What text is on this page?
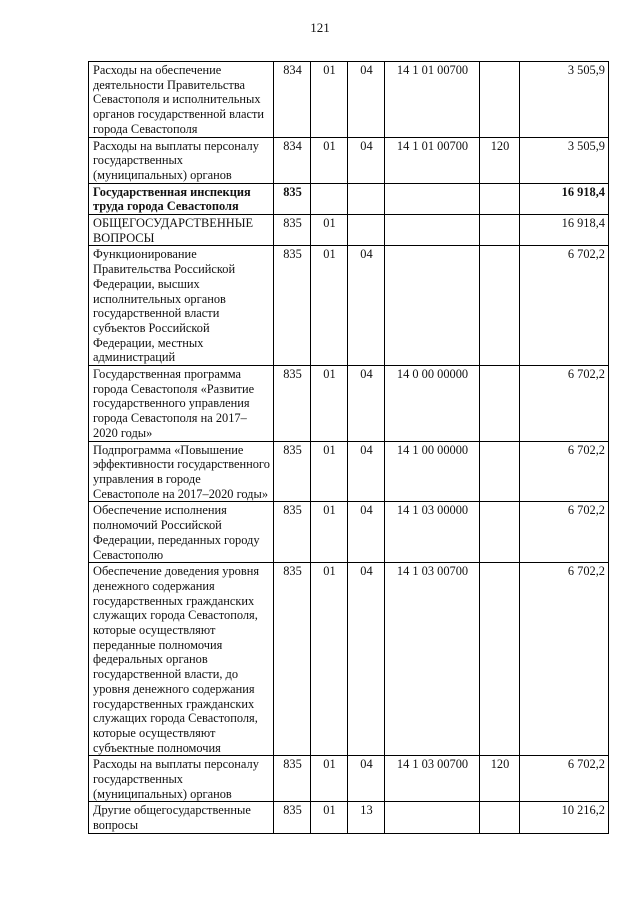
121
Расходы на обеспечение деятельности Правительства Севастополя и исполнительных органов государственной власти города Севастополя	834	01	04	14 1 01 00700		3 505,9
Расходы на выплаты персоналу государственных (муниципальных) органов	834	01	04	14 1 01 00700	120	3 505,9
Государственная инспекция труда города Севастополя	835					16 918,4
ОБЩЕГОСУДАРСТВЕННЫЕ ВОПРОСЫ	835	01				16 918,4
Функционирование Правительства Российской Федерации, высших исполнительных органов государственной власти субъектов Российской Федерации, местных администраций	835	01	04			6 702,2
Государственная программа города Севастополя «Развитие государственного управления города Севастополя на 2017–2020 годы»	835	01	04	14 0 00 00000		6 702,2
Подпрограмма «Повышение эффективности государственного управления в городе Севастополе на 2017–2020 годы»	835	01	04	14 1 00 00000		6 702,2
Обеспечение исполнения полномочий Российской Федерации, переданных городу Севастополю	835	01	04	14 1 03 00000		6 702,2
Обеспечение доведения уровня денежного содержания государственных гражданских служащих города Севастополя, которые осуществляют переданные полномочия федеральных органов государственной власти, до уровня денежного содержания государственных гражданских служащих города Севастополя, которые осуществляют субъектные полномочия	835	01	04	14 1 03 00700		6 702,2
Расходы на выплаты персоналу государственных (муниципальных) органов	835	01	04	14 1 03 00700	120	6 702,2
Другие общегосударственные вопросы	835	01	13			10 216,2
